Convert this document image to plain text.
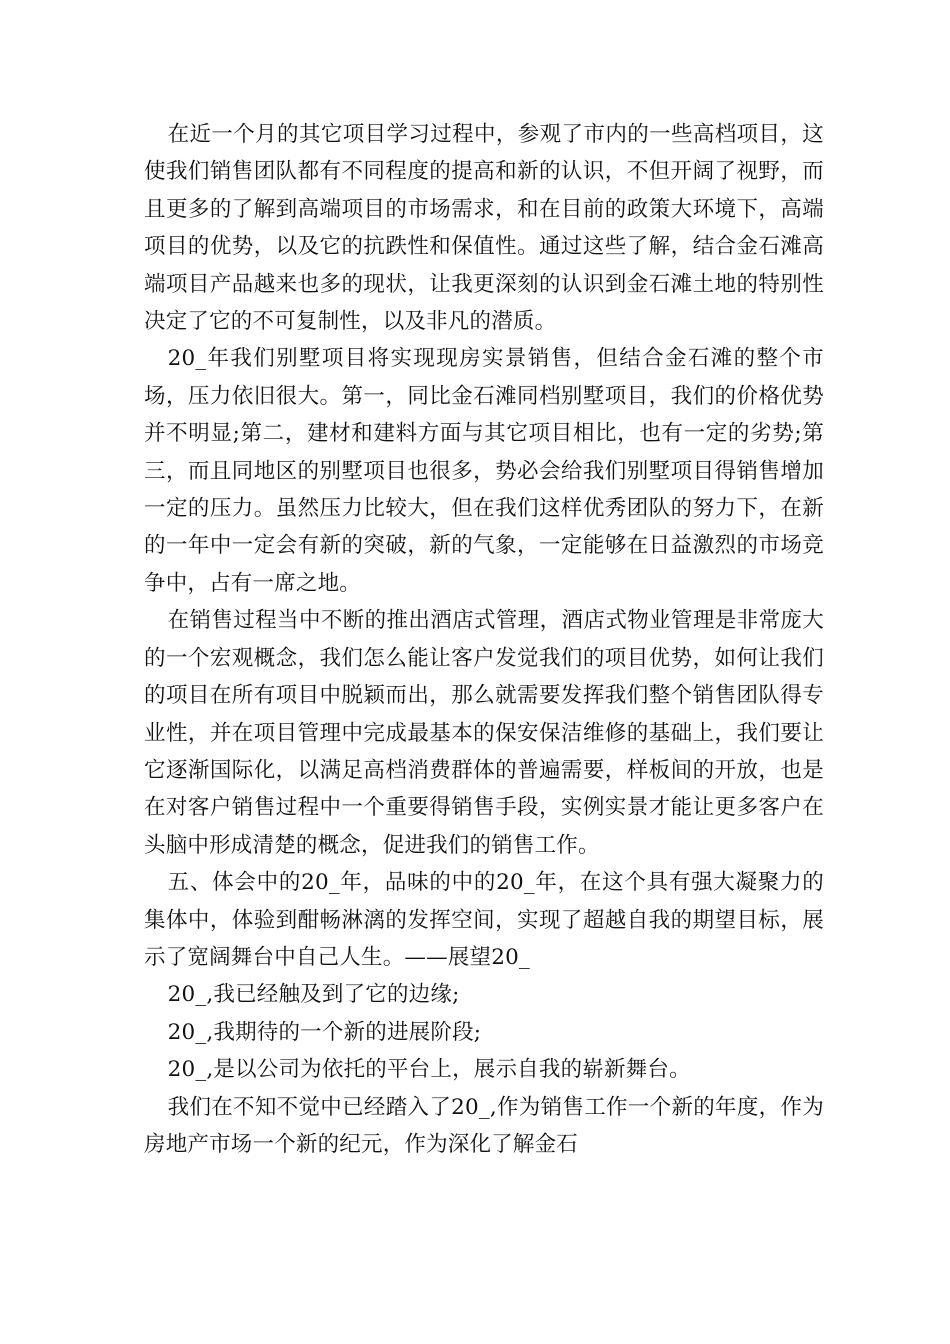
在近一个月的其它项目学习过程中，参观了市内的一些高档项目，这使我们销售团队都有不同程度的提高和新的认识，不但开阔了视野，而且更多的了解到高端项目的市场需求，和在目前的政策大环境下，高端项目的优势，以及它的抗跌性和保值性。通过这些了解，结合金石滩高端项目产品越来也多的现状，让我更深刻的认识到金石滩土地的特别性决定了它的不可复制性，以及非凡的潜质。

20_年我们别墅项目将实现现房实景销售，但结合金石滩的整个市场，压力依旧很大。第一，同比金石滩同档别墅项目，我们的价格优势并不明显;第二，建材和建料方面与其它项目相比，也有一定的劣势;第三，而且同地区的别墅项目也很多，势必会给我们别墅项目得销售增加一定的压力。虽然压力比较大，但在我们这样优秀团队的努力下，在新的一年中一定会有新的突破，新的气象，一定能够在日益激烈的市场竞争中，占有一席之地。

在销售过程当中不断的推出酒店式管理，酒店式物业管理是非常庞大的一个宏观概念，我们怎么能让客户发觉我们的项目优势，如何让我们的项目在所有项目中脱颖而出，那么就需要发挥我们整个销售团队得专业性，并在项目管理中完成最基本的保安保洁维修的基础上，我们要让它逐渐国际化，以满足高档消费群体的普遍需要，样板间的开放，也是在对客户销售过程中一个重要得销售手段，实例实景才能让更多客户在头脑中形成清楚的概念，促进我们的销售工作。

五、体会中的20_年，品味的中的20_年，在这个具有强大凝聚力的集体中，体验到酣畅淋漓的发挥空间，实现了超越自我的期望目标，展示了宽阔舞台中自己人生。——展望20_

20_,我已经触及到了它的边缘;

20_,我期待的一个新的进展阶段;

20_,是以公司为依托的平台上，展示自我的崭新舞台。

我们在不知不觉中已经踏入了20_,作为销售工作一个新的年度，作为房地产市场一个新的纪元，作为深化了解金石
